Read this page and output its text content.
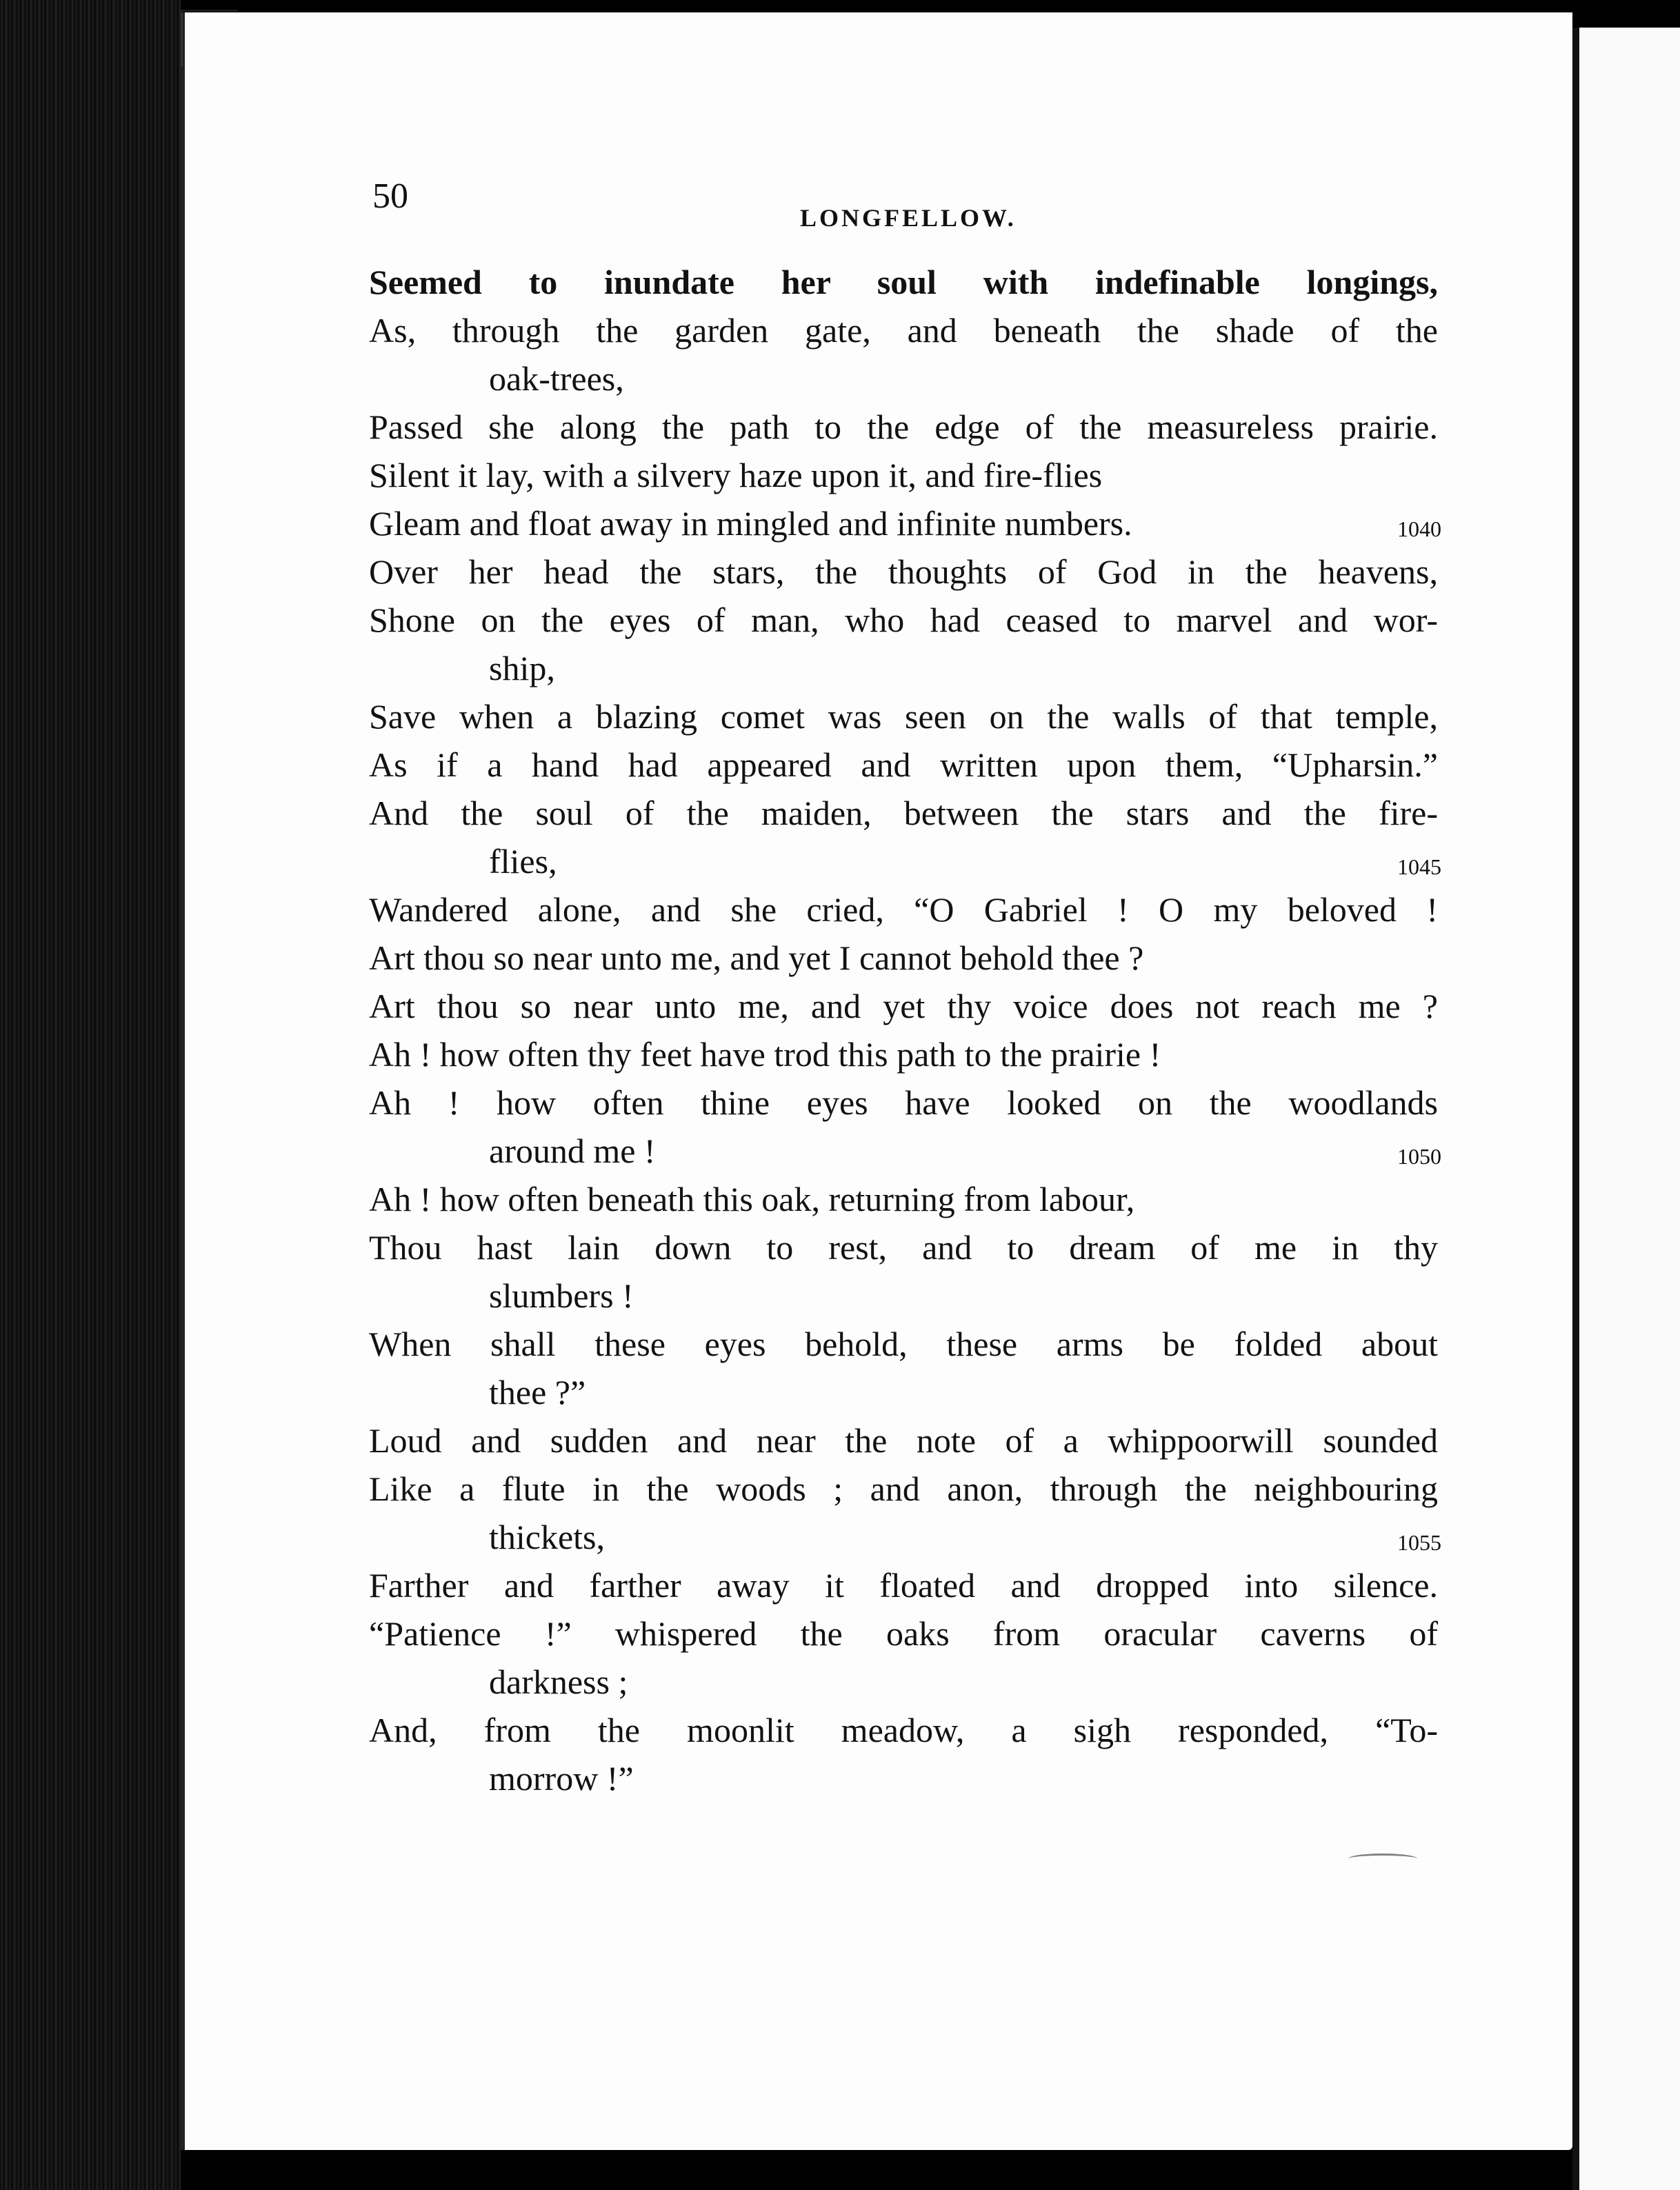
50
LONGFELLOW.
Seemed to inundate her soul with indefinable longings,
As, through the garden gate, and beneath the shade of the
oak-trees,
Passed she along the path to the edge of the measureless prairie.
Silent it lay, with a silvery haze upon it, and fire-flies
Gleam and float away in mingled and infinite numbers.	1040
Over her head the stars, the thoughts of God in the heavens,
Shone on the eyes of man, who had ceased to marvel and wor-
ship,
Save when a blazing comet was seen on the walls of that temple,
As if a hand had appeared and written upon them, “Upharsin.”
And the soul of the maiden, between the stars and the fire-
flies,	1045
Wandered alone, and she cried, “O Gabriel ! O my beloved !
Art thou so near unto me, and yet I cannot behold thee ?
Art thou so near unto me, and yet thy voice does not reach me ?
Ah ! how often thy feet have trod this path to the prairie !
Ah ! how often thine eyes have looked on the woodlands
around me !	1050
Ah ! how often beneath this oak, returning from labour,
Thou hast lain down to rest, and to dream of me in thy
slumbers !
When shall these eyes behold, these arms be folded about
thee ?”
Loud and sudden and near the note of a whippoorwill sounded
Like a flute in the woods ; and anon, through the neighbouring
thickets,	1055
Farther and farther away it floated and dropped into silence.
“Patience !” whispered the oaks from oracular caverns of
darkness ;
And, from the moonlit meadow, a sigh responded, “To-
morrow !”
